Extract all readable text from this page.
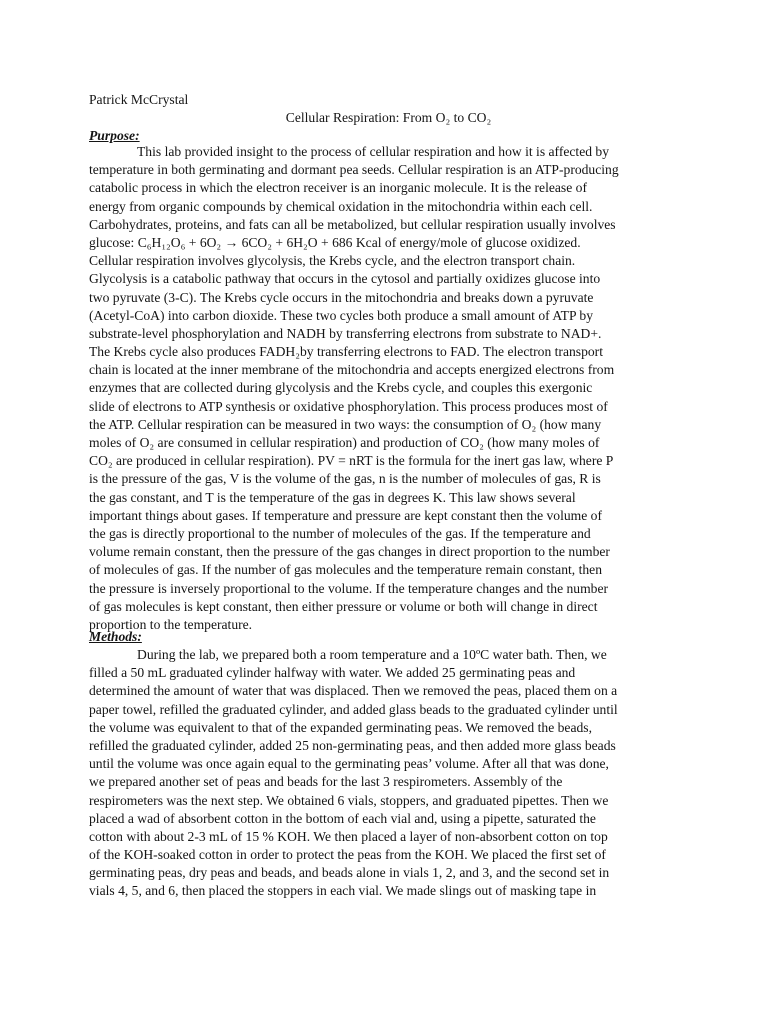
Patrick McCrystal
Cellular Respiration: From O₂ to CO₂
Purpose:
This lab provided insight to the process of cellular respiration and how it is affected by
temperature in both germinating and dormant pea seeds. Cellular respiration is an ATP-producing
catabolic process in which the electron receiver is an inorganic molecule. It is the release of
energy from organic compounds by chemical oxidation in the mitochondria within each cell.
Carbohydrates, proteins, and fats can all be metabolized, but cellular respiration usually involves
glucose: C₆H₁₂O₆ + 6O₂ → 6CO₂ + 6H₂O + 686 Kcal of energy/mole of glucose oxidized.
Cellular respiration involves glycolysis, the Krebs cycle, and the electron transport chain.
Glycolysis is a catabolic pathway that occurs in the cytosol and partially oxidizes glucose into
two pyruvate (3-C). The Krebs cycle occurs in the mitochondria and breaks down a pyruvate
(Acetyl-CoA) into carbon dioxide. These two cycles both produce a small amount of ATP by
substrate-level phosphorylation and NADH by transferring electrons from substrate to NAD+.
The Krebs cycle also produces FADH₂by transferring electrons to FAD. The electron transport
chain is located at the inner membrane of the mitochondria and accepts energized electrons from
enzymes that are collected during glycolysis and the Krebs cycle, and couples this exergonic
slide of electrons to ATP synthesis or oxidative phosphorylation. This process produces most of
the ATP. Cellular respiration can be measured in two ways: the consumption of O₂ (how many
moles of O₂ are consumed in cellular respiration) and production of CO₂ (how many moles of
CO₂ are produced in cellular respiration). PV = nRT is the formula for the inert gas law, where P
is the pressure of the gas, V is the volume of the gas, n is the number of molecules of gas, R is
the gas constant, and T is the temperature of the gas in degrees K. This law shows several
important things about gases. If temperature and pressure are kept constant then the volume of
the gas is directly proportional to the number of molecules of the gas. If the temperature and
volume remain constant, then the pressure of the gas changes in direct proportion to the number
of molecules of gas. If the number of gas molecules and the temperature remain constant, then
the pressure is inversely proportional to the volume. If the temperature changes and the number
of gas molecules is kept constant, then either pressure or volume or both will change in direct
proportion to the temperature.
Methods:
During the lab, we prepared both a room temperature and a 10ºC water bath. Then, we
filled a 50 mL graduated cylinder halfway with water. We added 25 germinating peas and
determined the amount of water that was displaced. Then we removed the peas, placed them on a
paper towel, refilled the graduated cylinder, and added glass beads to the graduated cylinder until
the volume was equivalent to that of the expanded germinating peas. We removed the beads,
refilled the graduated cylinder, added 25 non-germinating peas, and then added more glass beads
until the volume was once again equal to the germinating peas’ volume. After all that was done,
we prepared another set of peas and beads for the last 3 respirometers. Assembly of the
respirometers was the next step. We obtained 6 vials, stoppers, and graduated pipettes. Then we
placed a wad of absorbent cotton in the bottom of each vial and, using a pipette, saturated the
cotton with about 2-3 mL of 15 % KOH. We then placed a layer of non-absorbent cotton on top
of the KOH-soaked cotton in order to protect the peas from the KOH. We placed the first set of
germinating peas, dry peas and beads, and beads alone in vials 1, 2, and 3, and the second set in
vials 4, 5, and 6, then placed the stoppers in each vial. We made slings out of masking tape in
